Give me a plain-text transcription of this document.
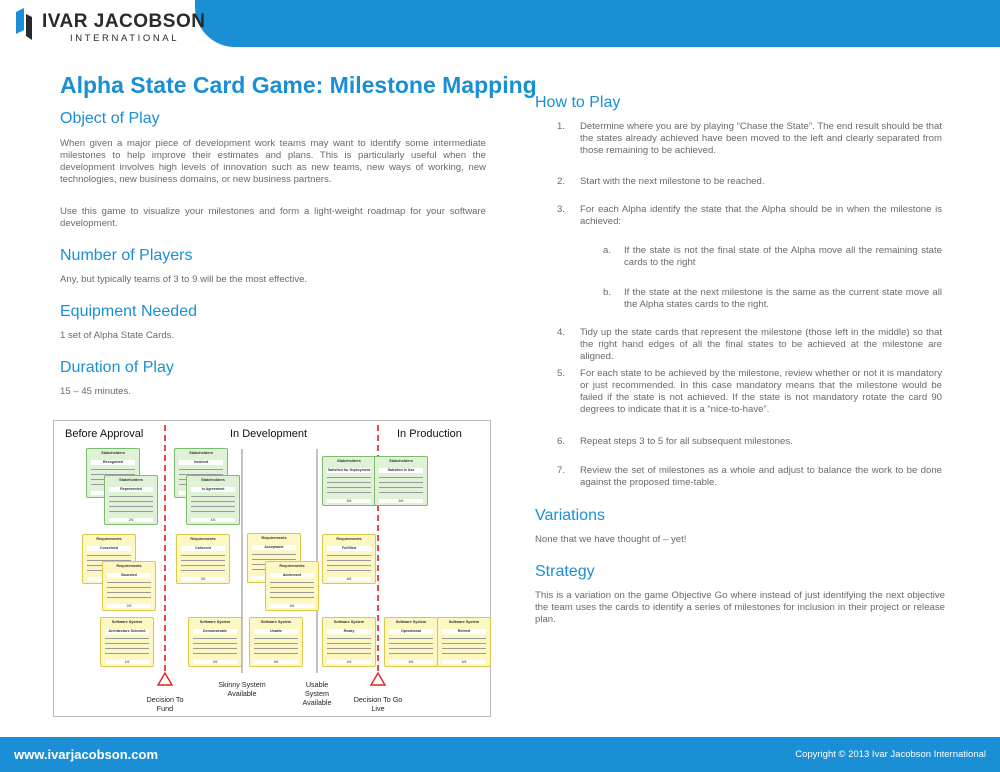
IVAR JACOBSON
INTERNATIONAL
Alpha State Card Game: Milestone Mapping
Object of Play
When given a major piece of development work teams may want to identify some intermediate milestones to help improve their estimates and plans. This is particularly useful when the development involves high levels of innovation such as new teams, new ways of working, new technologies, new business domains, or new business partners.
Use this game to visualize your milestones and form a light-weight roadmap for your software development.
Number of Players
Any, but typically teams of 3 to 9 will be the most effective.
Equipment Needed
1 set of Alpha State Cards.
Duration of Play
15 – 45 minutes.
Before Approval	In Development	In Production
Decision To Fund
Skinny System Available
Usable System Available	Decision To Go Live
Stakeholders
Recognized
Stakeholders
Represented
2/6
Stakeholders
Involved
Stakeholders
In Agreement
4/6
Stakeholders
Satisfied for Deployment
5/6
Stakeholders
Satisfied in Use
6/6
Requirements
Conceived
Requirements
Bounded
2/6
Requirements
Coherent
3/6
Requirements
Acceptable
Requirements
Addressed
5/6
Requirements
Fulfilled
6/6
Software System
Architecture Selected
1/6
Software System
Demonstrable
2/6
Software System
Usable
3/6
Software System
Ready
4/6
Software System
Operational
5/6
Software System
Retired
6/6
How to Play
1. Determine where you are by playing “Chase the State”. The end result should be that the states already achieved have been moved to the left and clearly separated from those remaining to be achieved.
2. Start with the next milestone to be reached.
3. For each Alpha identify the state that the Alpha should be in when the milestone is achieved:
a. If the state is not the final state of the Alpha move all the remaining state cards to the right
b. If the state at the next milestone is the same as the current state move all the Alpha states cards to the right.
4. Tidy up the state cards that represent the milestone (those left in the middle) so that the right hand edges of all the final states to be achieved at the milestone are aligned.
5. For each state to be achieved by the milestone, review whether or not it is mandatory or just recommended. In this case mandatory means that the milestone would be failed if the state is not achieved. If the state is not mandatory rotate the card 90 degrees to indicate that it is a “nice-to-have”.
6. Repeat steps 3 to 5 for all subsequent milestones.
7. Review the set of milestones as a whole and adjust to balance the work to be done against the proposed time-table.
Variations
None that we have thought of – yet!
Strategy
This is a variation on the game Objective Go where instead of just identifying the next objective the team uses the cards to identify a series of milestones for inclusion in their project or release plan.
www.ivarjacobson.com	Copyright © 2013 Ivar Jacobson International
